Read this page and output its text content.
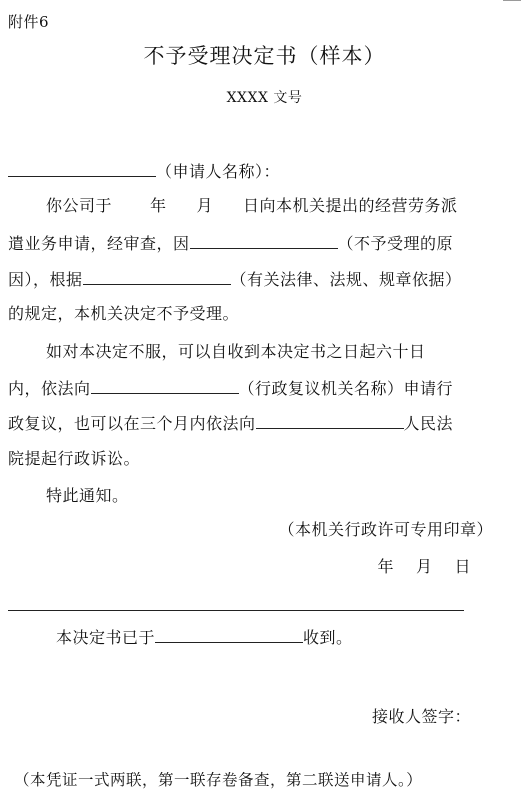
附件6
不予受理决定书（样本）
XXXX 文号
（申请人名称）：
你公司于 年 月 日向本机关提出的经营劳务派
遣业务申请，经审查，因	（不予受理的原
因），根据	（有关法律、法规、规章依据）
的规定，本机关决定不予受理。
如对本决定不服，可以自收到本决定书之日起六十日
内，依法向	（行政复议机关名称）申请行
政复议，也可以在三个月内依法向	人民法
院提起行政诉讼。
特此通知。
（本机关行政许可专用印章）
年 月 日
本决定书已于	收到。
接收人签字：
（本凭证一式两联，第一联存卷备查，第二联送申请人。）
